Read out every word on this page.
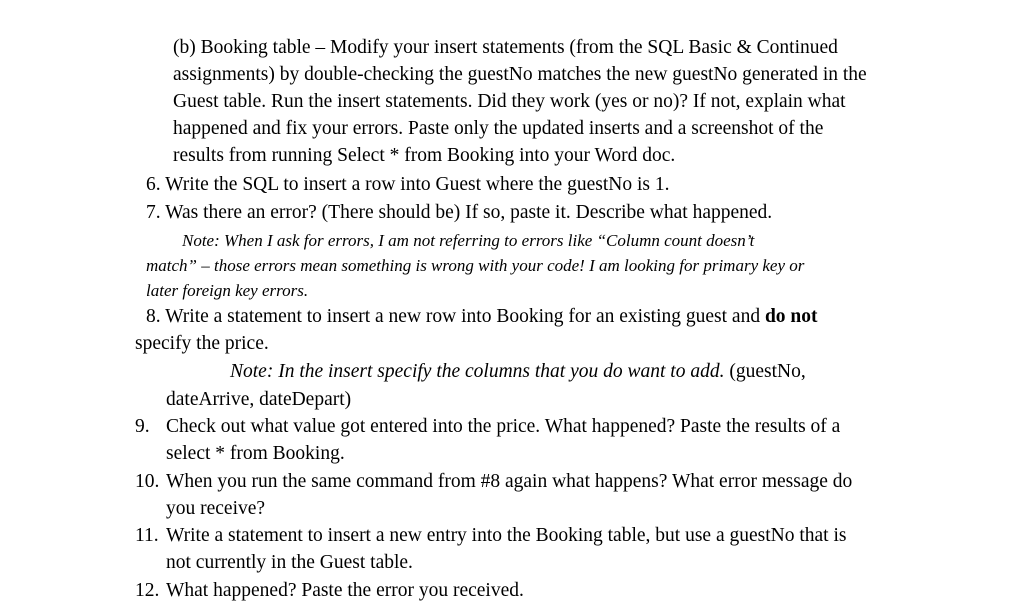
(b) Booking table – Modify your insert statements (from the SQL Basic & Continued
assignments) by double-checking the guestNo matches the new guestNo generated in the
Guest table. Run the insert statements. Did they work (yes or no)? If not, explain what
happened and fix your errors. Paste only the updated inserts and a screenshot of the
results from running Select * from Booking into your Word doc.
6. Write the SQL to insert a row into Guest where the guestNo is 1.
7. Was there an error? (There should be) If so, paste it. Describe what happened.
Note: When I ask for errors, I am not referring to errors like “Column count doesn’t
match” – those errors mean something is wrong with your code! I am looking for primary key or
later foreign key errors.
8. Write a statement to insert a new row into Booking for an existing guest and do not
specify the price.
Note: In the insert specify the columns that you do want to add. (guestNo,
dateArrive, dateDepart)
9. Check out what value got entered into the price. What happened? Paste the results of a
select * from Booking.
10. When you run the same command from #8 again what happens? What error message do
you receive?
11. Write a statement to insert a new entry into the Booking table, but use a guestNo that is
not currently in the Guest table.
12. What happened? Paste the error you received.
